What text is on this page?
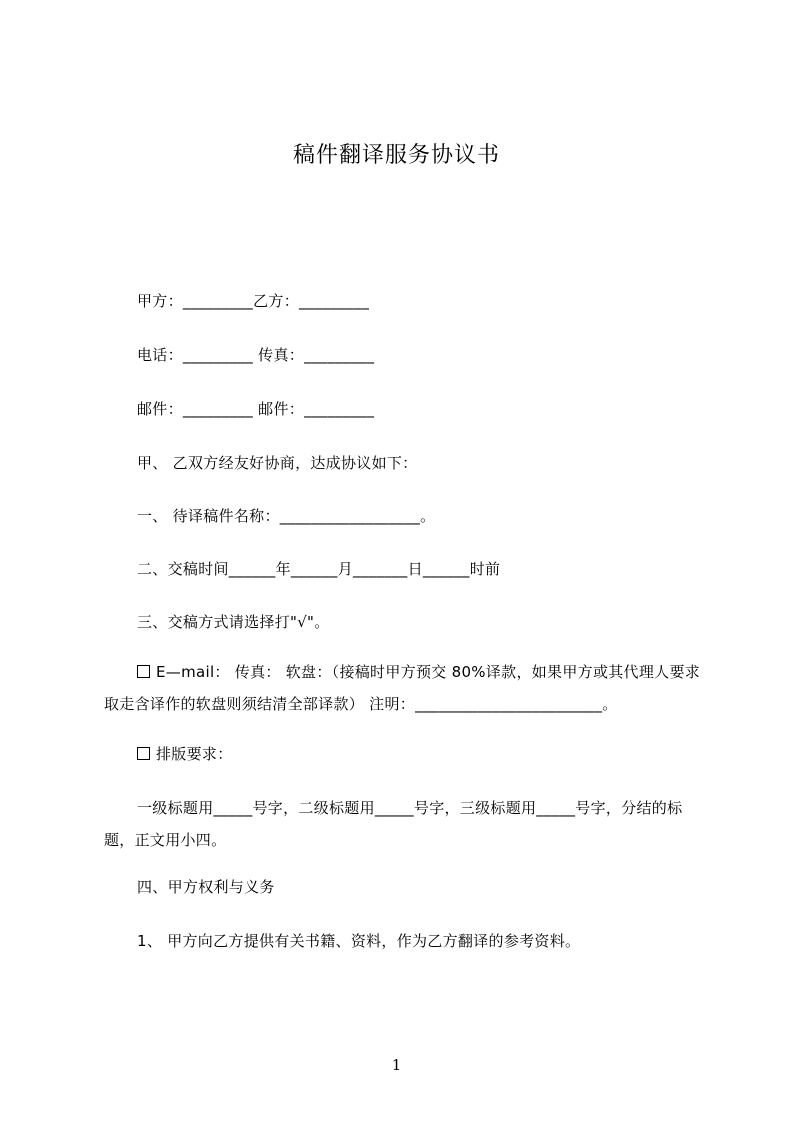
稿件翻译服务协议书
甲方：_________乙方：_________
电话：_________ 传真：_________
邮件：_________ 邮件：_________
甲、 乙双方经友好协商，达成协议如下：
一、 待译稿件名称：__________________。
二、交稿时间______年______月_______日______时前
三、交稿方式请选择打"√"。
E—mail： 传真： 软盘：（接稿时甲方预交 80%译款，如果甲方或其代理人要求取走含译作的软盘则须结清全部译款） 注明：________________________。
排版要求：
一级标题用_____号字，二级标题用_____号字，三级标题用_____号字，分结的标题，正文用小四。
四、甲方权利与义务
1、 甲方向乙方提供有关书籍、资料，作为乙方翻译的参考资料。
1
